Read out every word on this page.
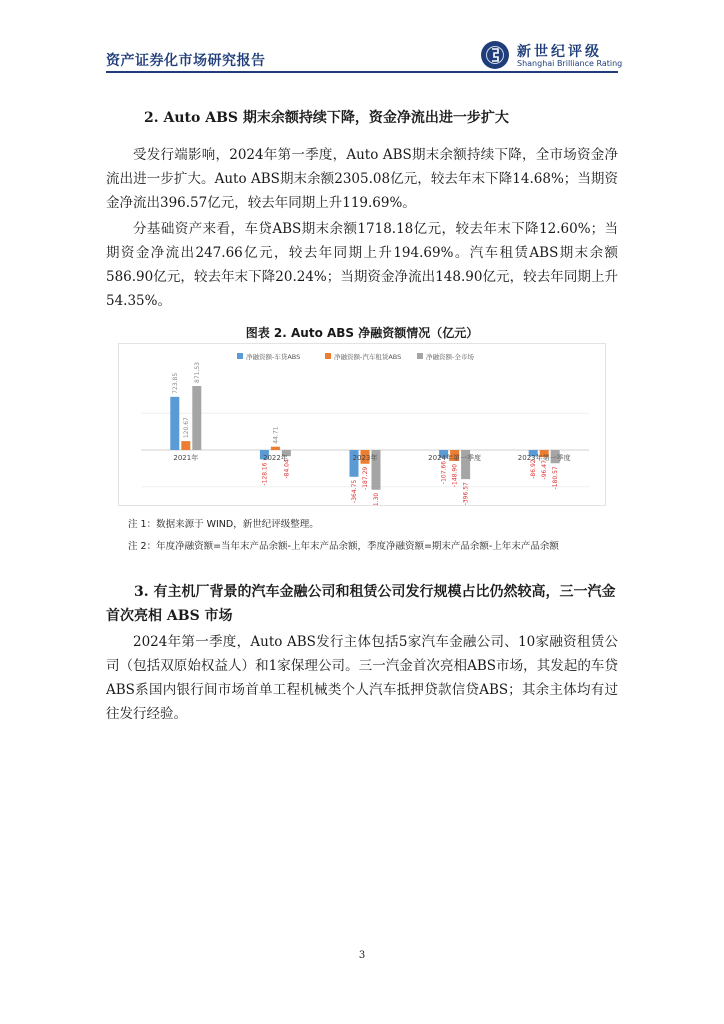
资产证券化市场研究报告
新世纪评级
Shanghai Brilliance Rating
2. Auto ABS 期末余额持续下降，资金净流出进一步扩大
受发行端影响，2024年第一季度，Auto ABS期末余额持续下降，全市场资金净流出进一步扩大。Auto ABS期末余额2305.08亿元，较去年末下降14.68%；当期资金净流出396.57亿元，较去年同期上升119.69%。
分基础资产来看，车贷ABS期末余额1718.18亿元，较去年末下降12.60%；当期资金净流出247.66亿元，较去年同期上升194.69%。汽车租赁ABS期末余额586.90亿元，较去年末下降20.24%；当期资金净流出148.90亿元，较去年同期上升54.35%。
图表 2. Auto ABS 净融资额情况（亿元）
净融资额-车贷ABS	净融资额-汽车租赁ABS	净融资额-全市场
723.85
120.67
871.53
2021年
-128.16
44.71
-84.04
2022年
-364.75
-187.29
-541.30
2023年
-107.66 -148.90
-396.57
2024年第一季度
-86.92 -96.47 -180.57
2023年第一季度
注 1：数据来源于 WIND，新世纪评级整理。
注 2：年度净融资额=当年末产品余额-上年末产品余额，季度净融资额=期末产品余额-上年末产品余额
3. 有主机厂背景的汽车金融公司和租赁公司发行规模占比仍然较高，三一汽金首次亮相 ABS 市场
2024年第一季度，Auto ABS发行主体包括5家汽车金融公司、10家融资租赁公司（包括双原始权益人）和1家保理公司。三一汽金首次亮相ABS市场，其发起的车贷ABS系国内银行间市场首单工程机械类个人汽车抵押贷款信贷ABS；其余主体均有过往发行经验。
3
